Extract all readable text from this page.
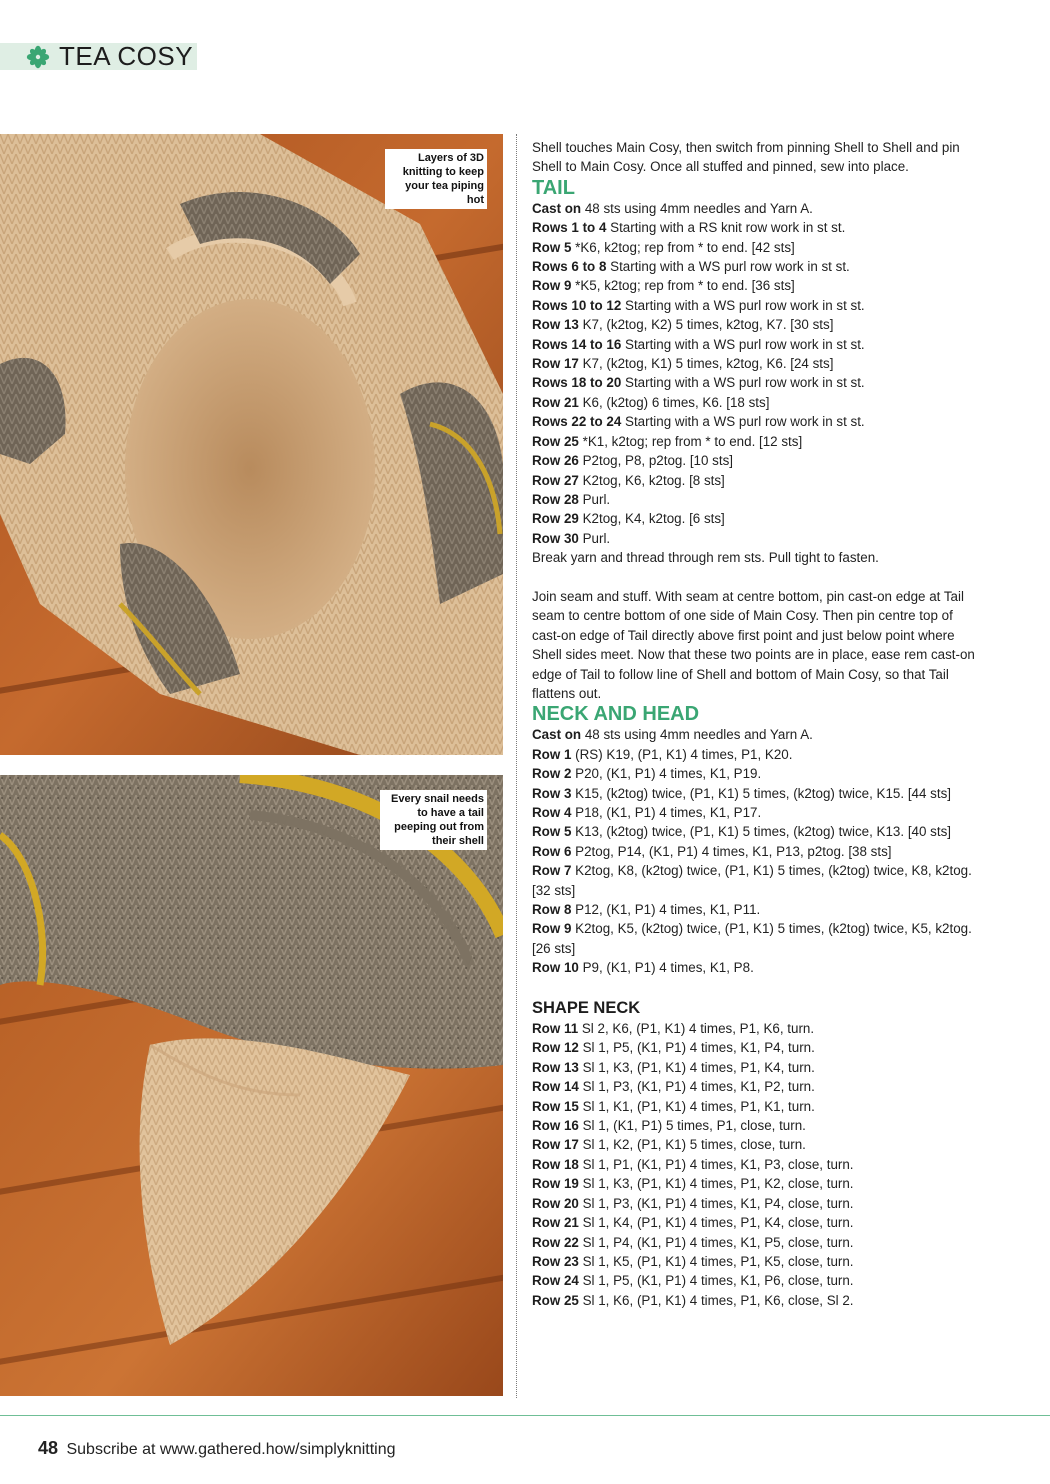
TEA COSY
Layers of 3D knitting to keep your tea piping hot
Every snail needs to have a tail peeping out from their shell

Shell touches Main Cosy, then switch from pinning Shell to Shell and pin Shell to Main Cosy. Once all stuffed and pinned, sew into place.

TAIL

Cast on 48 sts using 4mm needles and Yarn A.

Rows 1 to 4 Starting with a RS knit row work in st st.

Row 5 *K6, k2tog; rep from * to end. [42 sts]

Rows 6 to 8 Starting with a WS purl row work in st st.

Row 9 *K5, k2tog; rep from * to end. [36 sts]

Rows 10 to 12 Starting with a WS purl row work in st st.

Row 13 K7, (k2tog, K2) 5 times, k2tog, K7. [30 sts]

Rows 14 to 16 Starting with a WS purl row work in st st.

Row 17 K7, (k2tog, K1) 5 times, k2tog, K6. [24 sts]

Rows 18 to 20 Starting with a WS purl row work in st st.

Row 21 K6, (k2tog) 6 times, K6. [18 sts]

Rows 22 to 24 Starting with a WS purl row work in st st.

Row 25 *K1, k2tog; rep from * to end. [12 sts]

Row 26 P2tog, P8, p2tog. [10 sts]

Row 27 K2tog, K6, k2tog. [8 sts]

Row 28 Purl.

Row 29 K2tog, K4, k2tog. [6 sts]

Row 30 Purl.

Break yarn and thread through rem sts. Pull tight to fasten.

Join seam and stuff. With seam at centre bottom, pin cast-on edge at Tail seam to centre bottom of one side of Main Cosy. Then pin centre top of cast-on edge of Tail directly above first point and just below point where Shell sides meet. Now that these two points are in place, ease rem cast-on edge of Tail to follow line of Shell and bottom of Main Cosy, so that Tail flattens out.

NECK AND HEAD

Cast on 48 sts using 4mm needles and Yarn A.

Row 1 (RS) K19, (P1, K1) 4 times, P1, K20.

Row 2 P20, (K1, P1) 4 times, K1, P19.

Row 3 K15, (k2tog) twice, (P1, K1) 5 times, (k2tog) twice, K15. [44 sts]

Row 4 P18, (K1, P1) 4 times, K1, P17.

Row 5 K13, (k2tog) twice, (P1, K1) 5 times, (k2tog) twice, K13. [40 sts]

Row 6 P2tog, P14, (K1, P1) 4 times, K1, P13, p2tog. [38 sts]

Row 7 K2tog, K8, (k2tog) twice, (P1, K1) 5 times, (k2tog) twice, K8, k2tog. [32 sts]

Row 8 P12, (K1, P1) 4 times, K1, P11.

Row 9 K2tog, K5, (k2tog) twice, (P1, K1) 5 times, (k2tog) twice, K5, k2tog. [26 sts]

Row 10 P9, (K1, P1) 4 times, K1, P8.

SHAPE NECK

Row 11 Sl 2, K6, (P1, K1) 4 times, P1, K6, turn.

Row 12 Sl 1, P5, (K1, P1) 4 times, K1, P4, turn.

Row 13 Sl 1, K3, (P1, K1) 4 times, P1, K4, turn.

Row 14 Sl 1, P3, (K1, P1) 4 times, K1, P2, turn.

Row 15 Sl 1, K1, (P1, K1) 4 times, P1, K1, turn.

Row 16 Sl 1, (K1, P1) 5 times, P1, close, turn.

Row 17 Sl 1, K2, (P1, K1) 5 times, close, turn.

Row 18 Sl 1, P1, (K1, P1) 4 times, K1, P3, close, turn.

Row 19 Sl 1, K3, (P1, K1) 4 times, P1, K2, close, turn.

Row 20 Sl 1, P3, (K1, P1) 4 times, K1, P4, close, turn.

Row 21 Sl 1, K4, (P1, K1) 4 times, P1, K4, close, turn.

Row 22 Sl 1, P4, (K1, P1) 4 times, K1, P5, close, turn.

Row 23 Sl 1, K5, (P1, K1) 4 times, P1, K5, close, turn.

Row 24 Sl 1, P5, (K1, P1) 4 times, K1, P6, close, turn.

Row 25 Sl 1, K6, (P1, K1) 4 times, P1, K6, close, Sl 2.

48 Subscribe at www.gathered.how/simplyknitting
